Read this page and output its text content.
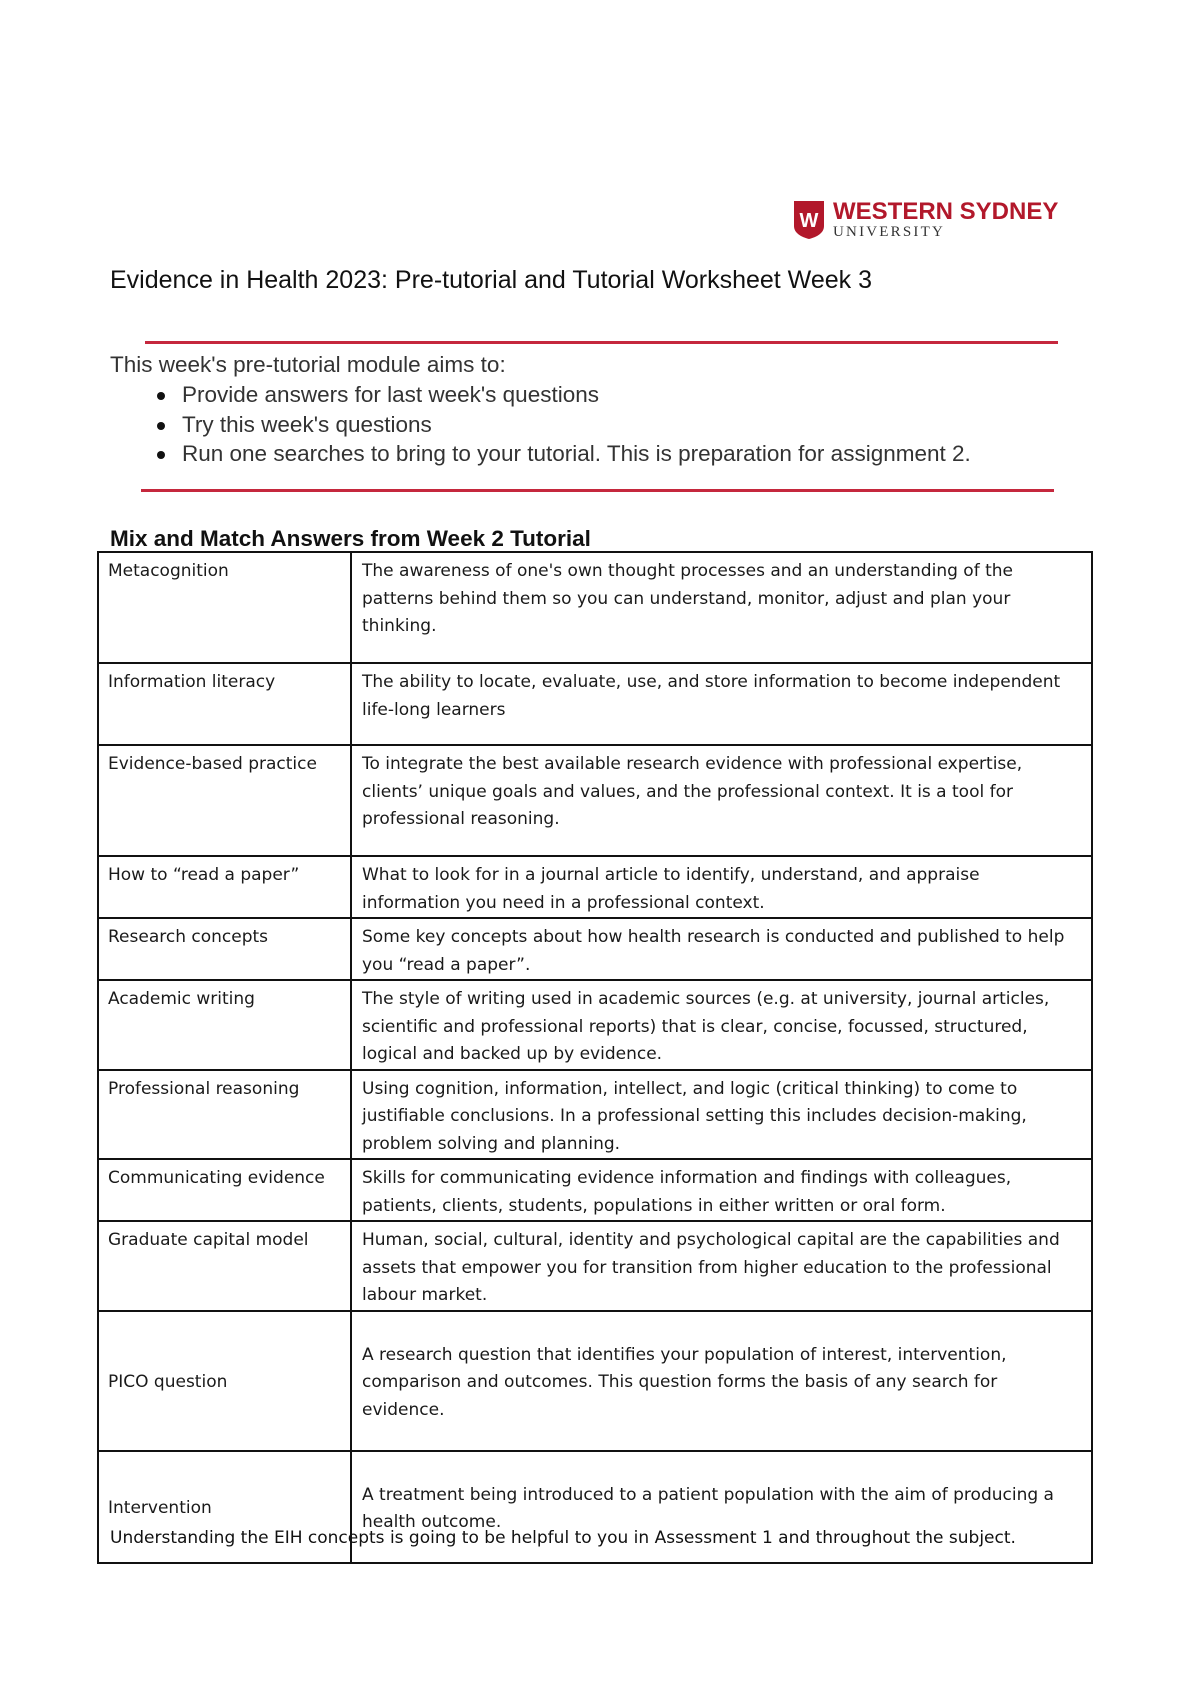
W WESTERN SYDNEY
UNIVERSITY
Evidence in Health 2023: Pre-tutorial and Tutorial Worksheet Week 3

This week's pre-tutorial module aims to:

Provide answers for last week's questions
Try this week's questions
Run one searches to bring to your tutorial. This is preparation for assignment 2.
Mix and Match Answers from Week 2 Tutorial
Metacognition	The awareness of one's own thought processes and an understanding of the patterns behind them so you can understand, monitor, adjust and plan your thinking.
Information literacy	The ability to locate, evaluate, use, and store information to become independent life-long learners
Evidence-based practice	To integrate the best available research evidence with professional expertise, clients’ unique goals and values, and the professional context. It is a tool for professional reasoning.
How to “read a paper”	What to look for in a journal article to identify, understand, and appraise information you need in a professional context.
Research concepts	Some key concepts about how health research is conducted and published to help you “read a paper”.
Academic writing	The style of writing used in academic sources (e.g. at university, journal articles, scientific and professional reports) that is clear, concise, focussed, structured, logical and backed up by evidence.
Professional reasoning	Using cognition, information, intellect, and logic (critical thinking) to come to justifiable conclusions. In a professional setting this includes decision-making, problem solving and planning.
Communicating evidence	Skills for communicating evidence information and findings with colleagues, patients, clients, students, populations in either written or oral form.
Graduate capital model	Human, social, cultural, identity and psychological capital are the capabilities and assets that empower you for transition from higher education to the professional labour market.
PICO question	A research question that identifies your population of interest, intervention, comparison and outcomes. This question forms the basis of any search for evidence.
Intervention	A treatment being introduced to a patient population with the aim of producing a health outcome.
Understanding the EIH concepts is going to be helpful to you in Assessment 1 and throughout the subject.
